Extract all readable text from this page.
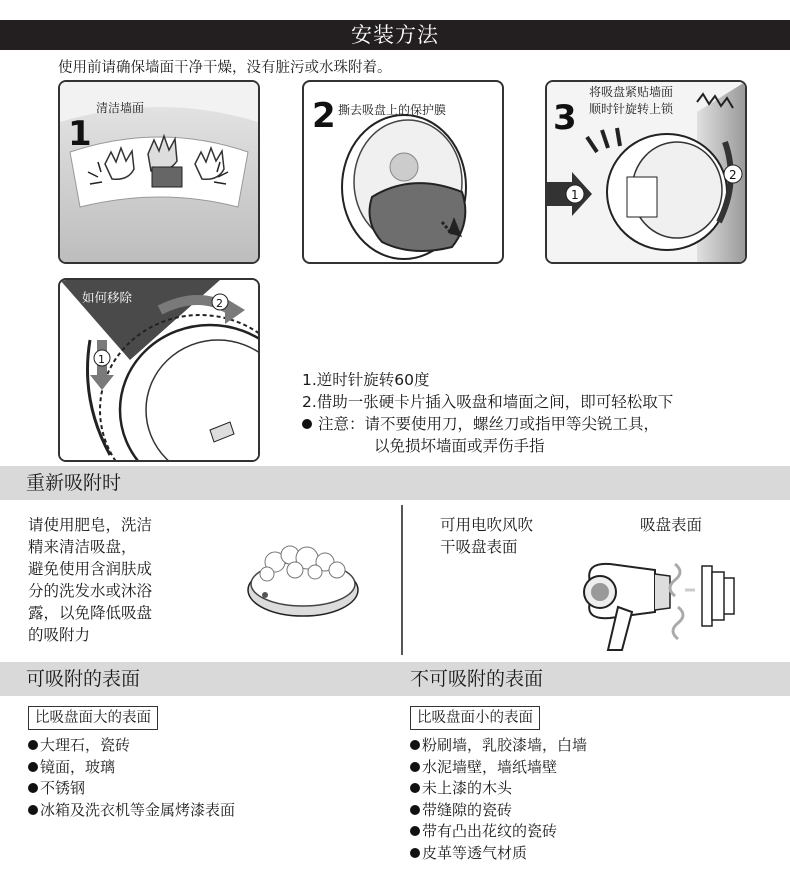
安装方法
使用前请确保墙面干净干燥，没有脏污或水珠附着。
1
清洁墙面	2 撕去吸盘上的保护膜
1
2
3
将吸盘紧贴墙面
顺时针旋转上锁
2
1
如何移除
1.逆时针旋转60度
2.借助一张硬卡片插入吸盘和墙面之间，即可轻松取下
注意：请不要使用刀，螺丝刀或指甲等尖锐工具，
以免损坏墙面或弄伤手指
重新吸附时
请使用肥皂，洗洁
精来清洁吸盘，
避免使用含润肤成
分的洗发水或沐浴
露，以免降低吸盘
的吸附力
可用电吹风吹
干吸盘表面
吸盘表面
可吸附的表面	不可吸附的表面
比吸盘面大的表面	比吸盘面小的表面
大理石，瓷砖
镜面，玻璃
不锈钢
冰箱及洗衣机等金属烤漆表面
粉刷墙，乳胶漆墙，白墙
水泥墙壁，墙纸墙壁
未上漆的木头
带缝隙的瓷砖
带有凸出花纹的瓷砖
皮革等透气材质
